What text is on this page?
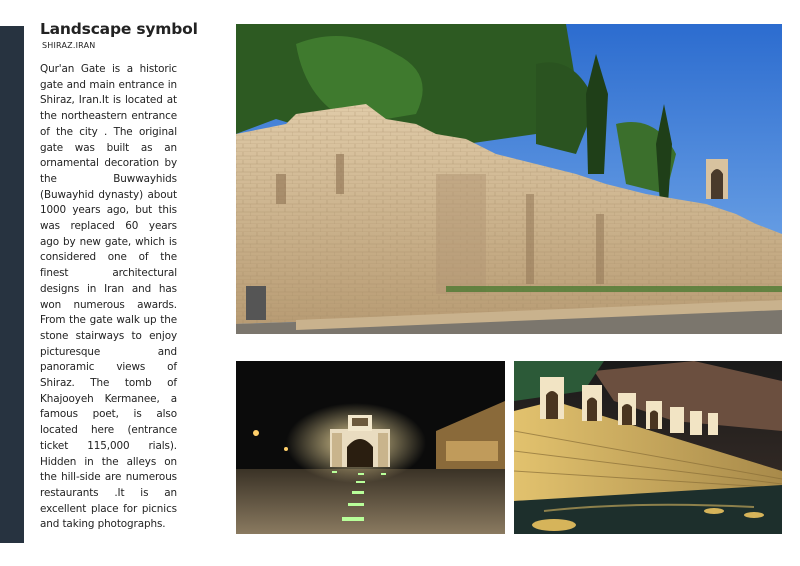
Landscape symbol
SHIRAZ.IRAN
Qur'an Gate is a historic gate and main entrance in Shiraz, Iran.It is located at the northeastern entrance of the city . The original gate was built as an ornamental decoration by the Buwwayhids (Buwayhid dynasty) about 1000 years ago, but this was replaced 60 years ago by new gate, which is considered one of the finest architectural designs in Iran and has won numerous awards. From the gate walk up the stone stairways to enjoy picturesque and panoramic views of Shiraz. The tomb of Khajooyeh Kermanee, a famous poet, is also located here (entrance ticket 115,000 rials). Hidden in the alleys on the hill-side are numerous restaurants .It is an excellent place for picnics and taking photographs.
